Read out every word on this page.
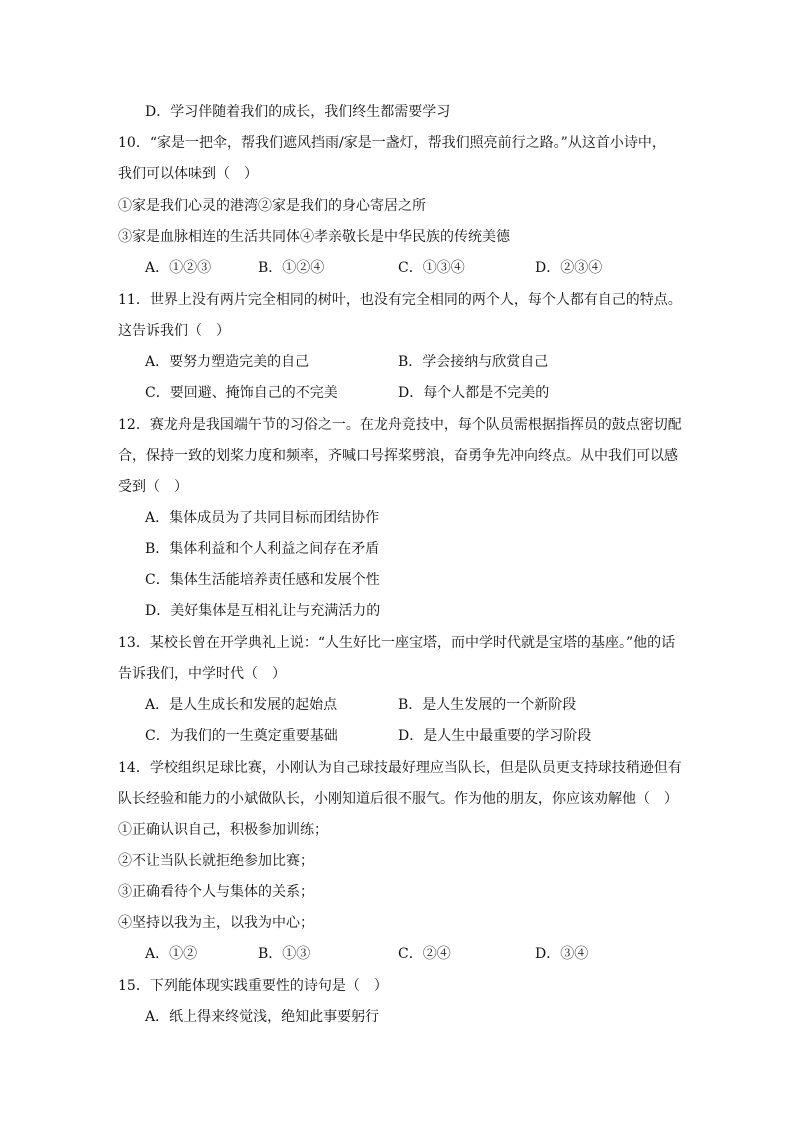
D．学习伴随着我们的成长，我们终生都需要学习
10．“家是一把伞，帮我们遮风挡雨/家是一盏灯，帮我们照亮前行之路。”从这首小诗中，
我们可以体味到（　）
①家是我们心灵的港湾②家是我们的身心寄居之所
③家是血脉相连的生活共同体④孝亲敬长是中华民族的传统美德
A．①②③	B．①②④	C．①③④	D．②③④
11．世界上没有两片完全相同的树叶，也没有完全相同的两个人，每个人都有自己的特点。
这告诉我们（　）
A．要努力塑造完美的自己	B．学会接纳与欣赏自己
C．要回避、掩饰自己的不完美	D．每个人都是不完美的
12．赛龙舟是我国端午节的习俗之一。在龙舟竞技中，每个队员需根据指挥员的鼓点密切配
合，保持一致的划桨力度和频率，齐喊口号挥桨劈浪，奋勇争先冲向终点。从中我们可以感
受到（　）
A．集体成员为了共同目标而团结协作
B．集体利益和个人利益之间存在矛盾
C．集体生活能培养责任感和发展个性
D．美好集体是互相礼让与充满活力的
13．某校长曾在开学典礼上说：“人生好比一座宝塔，而中学时代就是宝塔的基座。”他的话
告诉我们，中学时代（　）
A．是人生成长和发展的起始点	B．是人生发展的一个新阶段
C．为我们的一生奠定重要基础	D．是人生中最重要的学习阶段
14．学校组织足球比赛，小刚认为自己球技最好理应当队长，但是队员更支持球技稍逊但有
队长经验和能力的小斌做队长，小刚知道后很不服气。作为他的朋友，你应该劝解他（　）
①正确认识自己，积极参加训练；
②不让当队长就拒绝参加比赛；
③正确看待个人与集体的关系；
④坚持以我为主，以我为中心；
A．①②	B．①③	C．②④	D．③④
15．下列能体现实践重要性的诗句是（　）
A．纸上得来终觉浅，绝知此事要躬行
